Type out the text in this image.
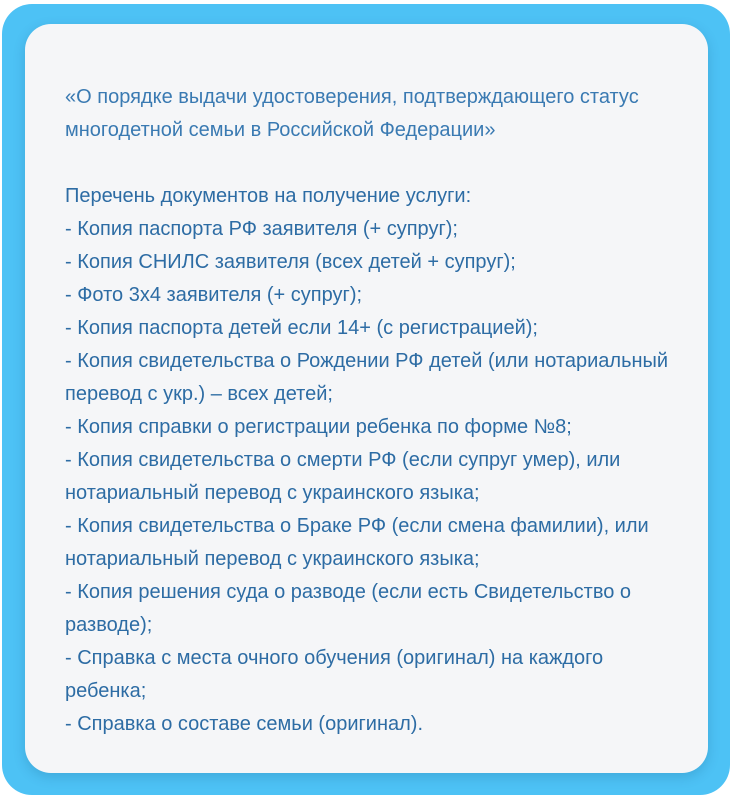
«О порядке выдачи удостоверения, подтверждающего статус многодетной семьи в Российской Федерации»
Перечень документов на получение услуги:
- Копия паспорта РФ заявителя (+ супруг);
- Копия СНИЛС заявителя (всех детей + супруг);
- Фото 3х4 заявителя (+ супруг);
- Копия паспорта детей если 14+ (с регистрацией);
- Копия свидетельства о Рождении РФ детей (или нотариальный перевод с укр.) – всех детей;
- Копия справки о регистрации ребенка по форме №8;
- Копия свидетельства о смерти РФ (если супруг умер), или нотариальный перевод с украинского языка;
- Копия свидетельства о Браке РФ (если смена фамилии), или нотариальный перевод с украинского языка;
- Копия решения суда о разводе (если есть Свидетельство о разводе);
- Справка с места очного обучения (оригинал) на каждого ребенка;
- Справка о составе семьи (оригинал).
